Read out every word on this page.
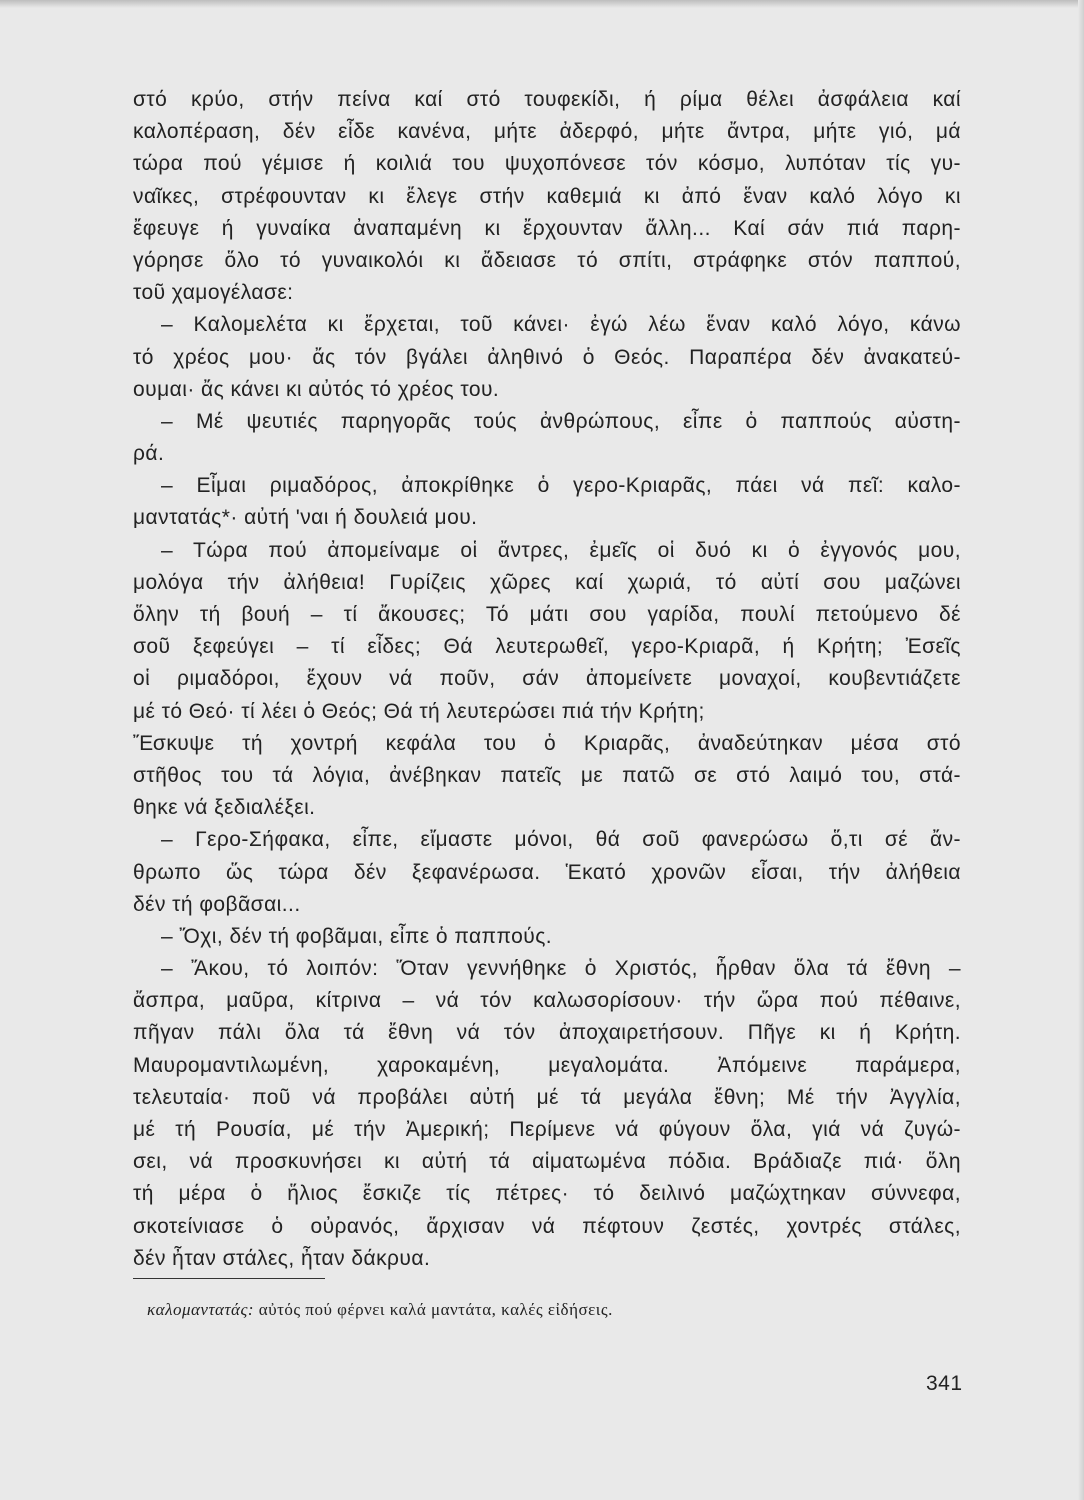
στό κρύο, στήν πείνα καί στό τουφεκίδι, ή ρίμα θέλει ἀσφάλεια καί
καλοπέραση, δέν εἶδε κανένα, μήτε ἀδερφό, μήτε ἄντρα, μήτε γιό, μά
τώρα πού γέμισε ή κοιλιά του ψυχοπόνεσε τόν κόσμο, λυπόταν τίς γυ-
ναῖκες, στρέφουνταν κι ἔλεγε στήν καθεμιά κι ἀπό ἕναν καλό λόγο κι
ἔφευγε ή γυναίκα ἀναπαμένη κι ἔρχουνταν ἄλλη... Καί σάν πιά παρη-
γόρησε ὅλο τό γυναικολόι κι ἄδειασε τό σπίτι, στράφηκε στόν παππού,
τοῦ χαμογέλασε:
– Καλομελέτα κι ἔρχεται, τοῦ κάνει· ἐγώ λέω ἕναν καλό λόγο, κάνω
τό χρέος μου· ἄς τόν βγάλει ἀληθινό ὁ Θεός. Παραπέρα δέν ἀνακατεύ-
ουμαι· ἄς κάνει κι αὐτός τό χρέος του.
– Μέ ψευτιές παρηγορᾶς τούς ἀνθρώπους, εἶπε ὁ παππούς αὐστη-
ρά.
– Εἶμαι ριμαδόρος, ἀποκρίθηκε ὁ γερο-Κριαρᾶς, πάει νά πεῖ: καλο-
μαντατάς*· αὐτή 'ναι ή δουλειά μου.
– Τώρα πού ἀπομείναμε οἱ ἄντρες, ἐμεῖς οἱ δυό κι ὁ ἐγγονός μου,
μολόγα τήν ἀλήθεια! Γυρίζεις χῶρες καί χωριά, τό αὐτί σου μαζώνει
ὅλην τή βουή – τί ἄκουσες; Τό μάτι σου γαρίδα, πουλί πετούμενο δέ
σοῦ ξεφεύγει – τί εἶδες; Θά λευτερωθεῖ, γερο-Κριαρᾶ, ή Κρήτη; Ἐσεῖς
οἱ ριμαδόροι, ἔχουν νά ποῦν, σάν ἀπομείνετε μοναχοί, κουβεντιάζετε
μέ τό Θεό· τί λέει ὁ Θεός; Θά τή λευτερώσει πιά τήν Κρήτη;
Ἔσκυψε τή χοντρή κεφάλα του ὁ Κριαρᾶς, ἀναδεύτηκαν μέσα στό
στῆθος του τά λόγια, ἀνέβηκαν πατεῖς με πατῶ σε στό λαιμό του, στά-
θηκε νά ξεδιαλέξει.
– Γερο-Σήφακα, εἶπε, εἴμαστε μόνοι, θά σοῦ φανερώσω ὅ,τι σέ ἄν-
θρωπο ὥς τώρα δέν ξεφανέρωσα. Ἑκατό χρονῶν εἶσαι, τήν ἀλήθεια
δέν τή φοβᾶσαι...
– Ὄχι, δέν τή φοβᾶμαι, εἶπε ὁ παππούς.
– Ἄκου, τό λοιπόν: Ὅταν γεννήθηκε ὁ Χριστός, ἦρθαν ὅλα τά ἔθνη –
ἄσπρα, μαῦρα, κίτρινα – νά τόν καλωσορίσουν· τήν ὥρα πού πέθαινε,
πῆγαν πάλι ὅλα τά ἔθνη νά τόν ἀποχαιρετήσουν. Πῆγε κι ή Κρήτη.
Μαυρομαντιλωμένη, χαροκαμένη, μεγαλομάτα. Ἀπόμεινε παράμερα,
τελευταία· ποῦ νά προβάλει αὐτή μέ τά μεγάλα ἔθνη; Μέ τήν Ἀγγλία,
μέ τή Ρουσία, μέ τήν Ἀμερική; Περίμενε νά φύγουν ὅλα, γιά νά ζυγώ-
σει, νά προσκυνήσει κι αὐτή τά αἱματωμένα πόδια. Βράδιαζε πιά· ὅλη
τή μέρα ὁ ἥλιος ἔσκιζε τίς πέτρες· τό δειλινό μαζώχτηκαν σύννεφα,
σκοτείνιασε ὁ οὐρανός, ἄρχισαν νά πέφτουν ζεστές, χοντρές στάλες,
δέν ἦταν στάλες, ἦταν δάκρυα.
καλομαντατάς: αὐτός πού φέρνει καλά μαντάτα, καλές εἰδήσεις.
341
